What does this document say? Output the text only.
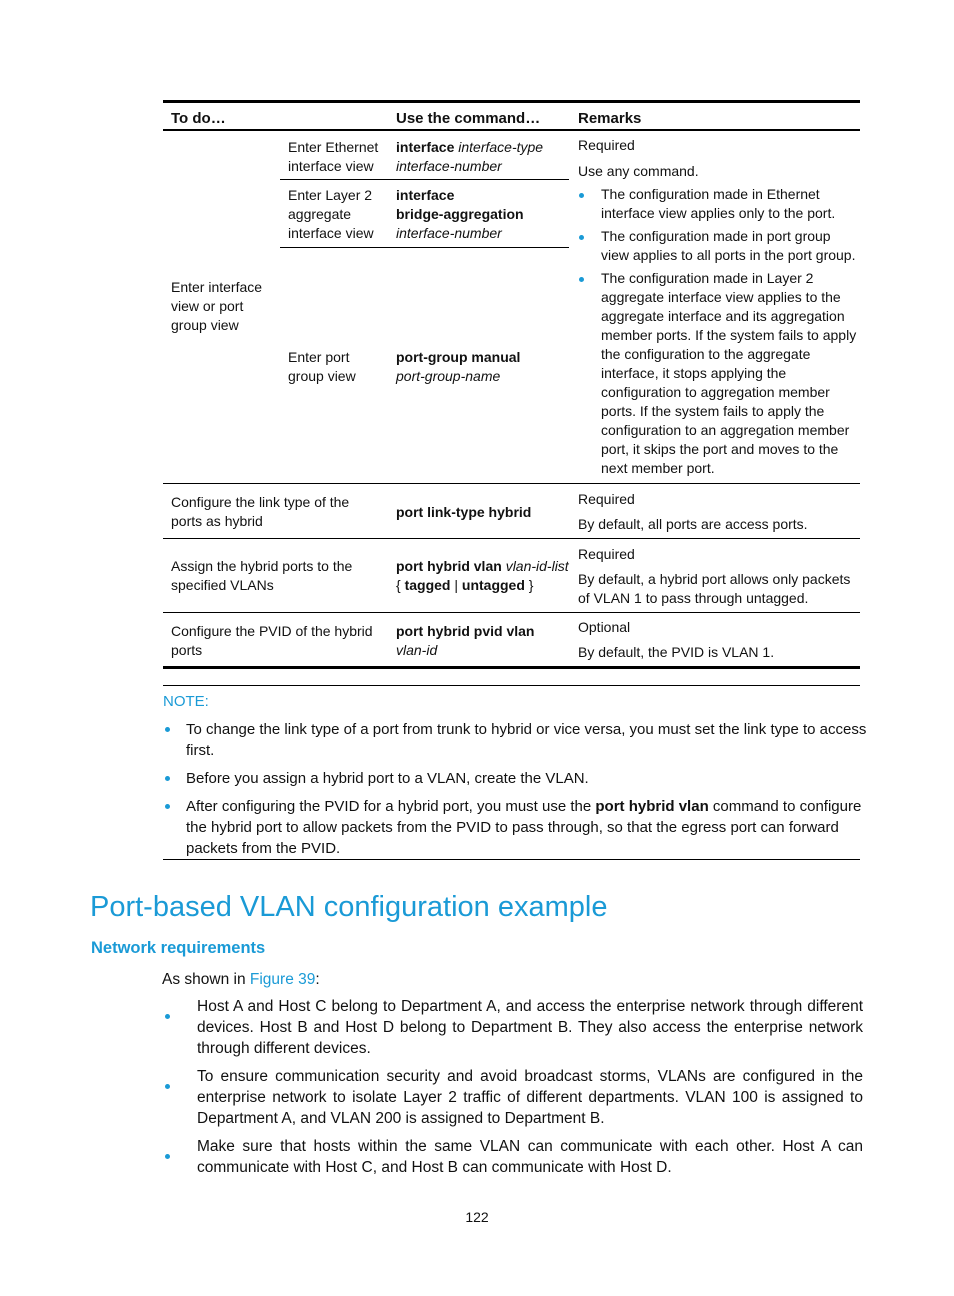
To do…	Use the command…	Remarks
Enter interface
view or port
group view
Enter Ethernet
interface view
interface interface-type
interface-number
Enter Layer 2
aggregate
interface view
interface
bridge-aggregation
interface-number
Enter port
group view
port-group manual
port-group-name
Required
Use any command.
The configuration made in Ethernet
interface view applies only to the port.
The configuration made in port group
view applies to all ports in the port group.
The configuration made in Layer 2
aggregate interface view applies to the
aggregate interface and its aggregation
member ports. If the system fails to apply
the configuration to the aggregate
interface, it stops applying the
configuration to aggregation member
ports. If the system fails to apply the
configuration to an aggregation member
port, it skips the port and moves to the
next member port.
Configure the link type of the
ports as hybrid
port link-type hybrid
Required
By default, all ports are access ports.
Assign the hybrid ports to the
specified VLANs
port hybrid vlan vlan-id-list
{ tagged | untagged }
Required
By default, a hybrid port allows only packets
of VLAN 1 to pass through untagged.
Configure the PVID of the hybrid
ports
port hybrid pvid vlan
vlan-id
Optional
By default, the PVID is VLAN 1.
NOTE:
To change the link type of a port from trunk to hybrid or vice versa, you must set the link type to access
first.
Before you assign a hybrid port to a VLAN, create the VLAN.
After configuring the PVID for a hybrid port, you must use the port hybrid vlan command to configure
the hybrid port to allow packets from the PVID to pass through, so that the egress port can forward
packets from the PVID.
Port-based VLAN configuration example
Network requirements
As shown in Figure 39:
Host A and Host C belong to Department A, and access the enterprise network through different
devices. Host B and Host D belong to Department B. They also access the enterprise network
through different devices.
To ensure communication security and avoid broadcast storms, VLANs are configured in the
enterprise network to isolate Layer 2 traffic of different departments. VLAN 100 is assigned to
Department A, and VLAN 200 is assigned to Department B.
Make sure that hosts within the same VLAN can communicate with each other. Host A can
communicate with Host C, and Host B can communicate with Host D.
122
